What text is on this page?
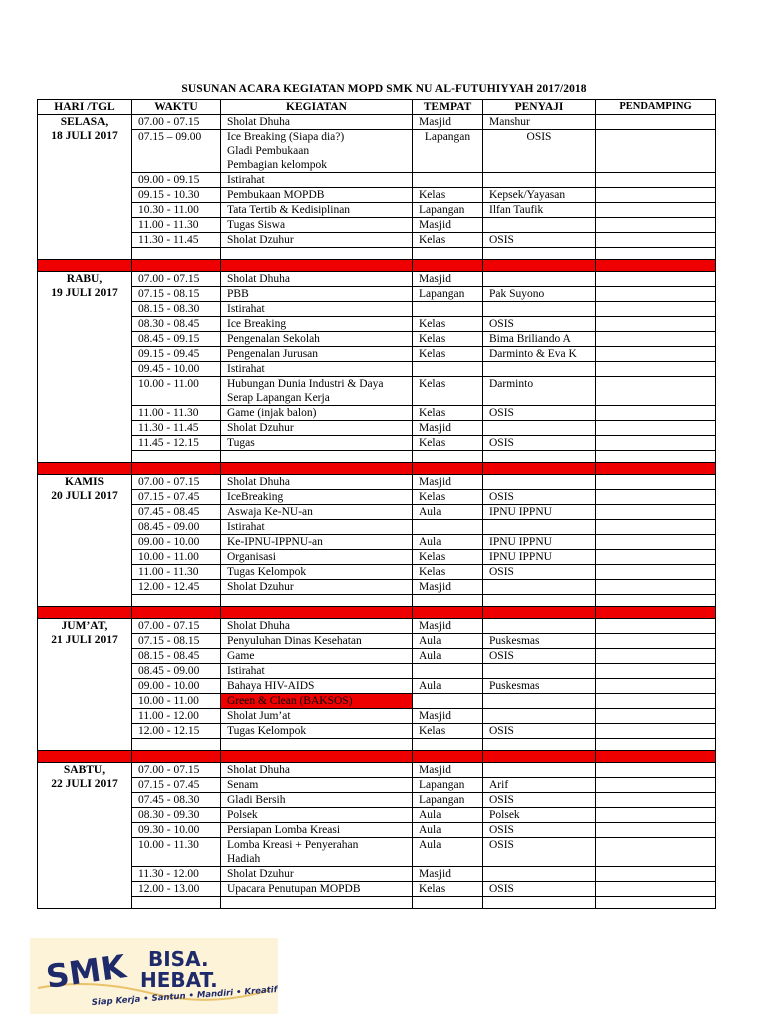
SUSUNAN ACARA KEGIATAN MOPD SMK NU AL-FUTUHIYYAH 2017/2018
HARI /TGL	WAKTU	KEGIATAN	TEMPAT	PENYAJI	PENDAMPING

SELASA,
18 JULI 2017	07.00 - 07.15	Sholat Dhuha	Masjid	Manshur	
	07.15 – 09.00	Ice Breaking (Siapa dia?)
Gladi Pembukaan
Pembagian kelompok	Lapangan	OSIS	
	09.00 - 09.15	Istirahat			
	09.15 - 10.30	Pembukaan MOPDB	Kelas	Kepsek/Yayasan	
	10.30 - 11.00	Tata Tertib & Kedisiplinan	Lapangan	Ilfan Taufik	
	11.00 - 11.30	Tugas Siswa	Masjid		
	11.30 - 11.45	Sholat Dzuhur	Kelas	OSIS	

RABU,
19 JULI 2017	07.00 - 07.15	Sholat Dhuha	Masjid		
	07.15 - 08.15	PBB	Lapangan	Pak Suyono	
	08.15 - 08.30	Istirahat			
	08.30 - 08.45	Ice Breaking	Kelas	OSIS	
	08.45 - 09.15	Pengenalan Sekolah	Kelas	Bima Briliando A	
	09.15 - 09.45	Pengenalan Jurusan	Kelas	Darminto & Eva K	
	09.45 - 10.00	Istirahat			
	10.00 - 11.00	Hubungan Dunia Industri & Daya
Serap Lapangan Kerja	Kelas	Darminto	
	11.00 - 11.30	Game (injak balon)	Kelas	OSIS	
	11.30 - 11.45	Sholat Dzuhur	Masjid		
	11.45 - 12.15	Tugas	Kelas	OSIS	

KAMIS
20 JULI 2017	07.00 - 07.15	Sholat Dhuha	Masjid		
	07.15 - 07.45	IceBreaking	Kelas	OSIS	
	07.45 - 08.45	Aswaja Ke-NU-an	Aula	IPNU IPPNU	
	08.45 - 09.00	Istirahat			
	09.00 - 10.00	Ke-IPNU-IPPNU-an	Aula	IPNU IPPNU	
	10.00 - 11.00	Organisasi	Kelas	IPNU IPPNU	
	11.00 - 11.30	Tugas Kelompok	Kelas	OSIS	
	12.00 - 12.45	Sholat Dzuhur	Masjid		

JUM’AT,
21 JULI 2017	07.00 - 07.15	Sholat Dhuha	Masjid		
	07.15 - 08.15	Penyuluhan Dinas Kesehatan	Aula	Puskesmas	
	08.15 - 08.45	Game	Aula	OSIS	
	08.45 - 09.00	Istirahat			
	09.00 - 10.00	Bahaya HIV-AIDS	Aula	Puskesmas	
	10.00 - 11.00	Green & Clean (BAKSOS)			
	11.00 - 12.00	Sholat Jum’at	Masjid		
	12.00 - 12.15	Tugas Kelompok	Kelas	OSIS	

SABTU,
22 JULI 2017	07.00 - 07.15	Sholat Dhuha	Masjid		
	07.15 - 07.45	Senam	Lapangan	Arif	
	07.45 - 08.30	Gladi Bersih	Lapangan	OSIS	
	08.30 - 09.30	Polsek	Aula	Polsek	
	09.30 - 10.00	Persiapan Lomba Kreasi	Aula	OSIS	
	10.00 - 11.30	Lomba Kreasi + Penyerahan
Hadiah	Aula	OSIS	
	11.30 - 12.00	Sholat Dzuhur	Masjid		
	12.00 - 13.00	Upacara Penutupan MOPDB	Kelas	OSIS	

SMK BISA.
HEBAT.
Siap Kerja • Santun • Mandiri • Kreatif
